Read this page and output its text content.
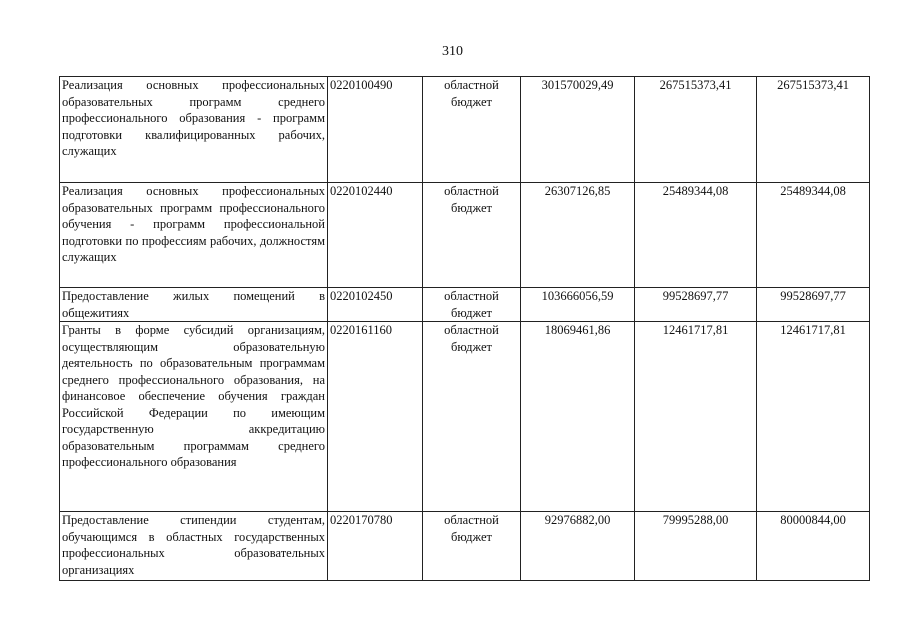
310
Реализация основных профессиональных образовательных программ среднего профессионального образования - программ подготовки квалифицированных рабочих, служащих	0220100490	областной бюджет	301570029,49	267515373,41	267515373,41
Реализация основных профессиональных образовательных программ профессионального обучения - программ профессиональной подготовки по профессиям рабочих, должностям служащих	0220102440	областной бюджет	26307126,85	25489344,08	25489344,08
Предоставление жилых помещений в общежитиях	0220102450	областной бюджет	103666056,59	99528697,77	99528697,77
Гранты в форме субсидий организациям, осуществляющим образовательную деятельность по образовательным программам среднего профессионального образования, на финансовое обеспечение обучения граждан Российской Федерации по имеющим государственную аккредитацию образовательным программам среднего профессионального образования	0220161160	областной бюджет	18069461,86	12461717,81	12461717,81
Предоставление стипендии студентам, обучающимся в областных государственных профессиональных образовательных организациях	0220170780	областной бюджет	92976882,00	79995288,00	80000844,00
